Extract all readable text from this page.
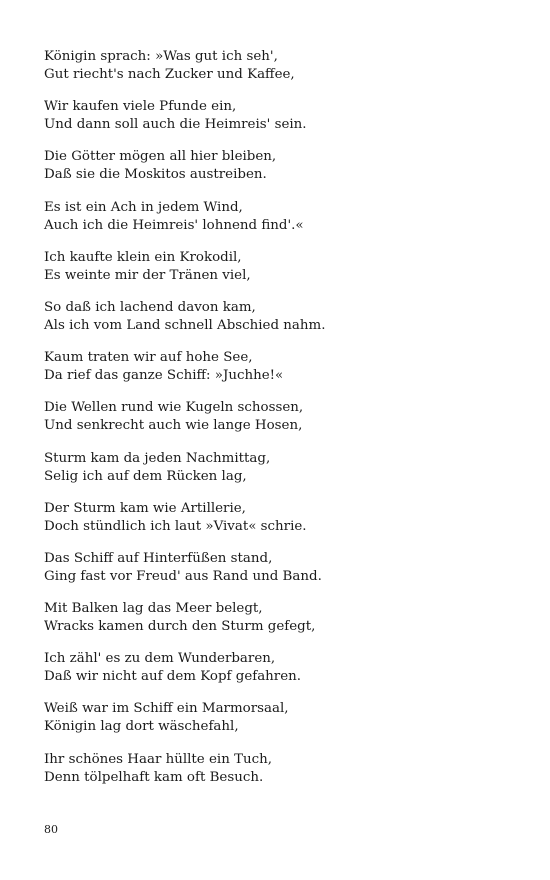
Königin sprach: »Was gut ich seh',
Gut riecht's nach Zucker und Kaffee,
Wir kaufen viele Pfunde ein,
Und dann soll auch die Heimreis' sein.
Die Götter mögen all hier bleiben,
Daß sie die Moskitos austreiben.
Es ist ein Ach in jedem Wind,
Auch ich die Heimreis' lohnend find'.«
Ich kaufte klein ein Krokodil,
Es weinte mir der Tränen viel,
So daß ich lachend davon kam,
Als ich vom Land schnell Abschied nahm.
Kaum traten wir auf hohe See,
Da rief das ganze Schiff: »Juchhe!«
Die Wellen rund wie Kugeln schossen,
Und senkrecht auch wie lange Hosen,
Sturm kam da jeden Nachmittag,
Selig ich auf dem Rücken lag,
Der Sturm kam wie Artillerie,
Doch stündlich ich laut »Vivat« schrie.
Das Schiff auf Hinterfüßen stand,
Ging fast vor Freud' aus Rand und Band.
Mit Balken lag das Meer belegt,
Wracks kamen durch den Sturm gefegt,
Ich zähl' es zu dem Wunderbaren,
Daß wir nicht auf dem Kopf gefahren.
Weiß war im Schiff ein Marmorsaal,
Königin lag dort wäschefahl,
Ihr schönes Haar hüllte ein Tuch,
Denn tölpelhaft kam oft Besuch.
80
